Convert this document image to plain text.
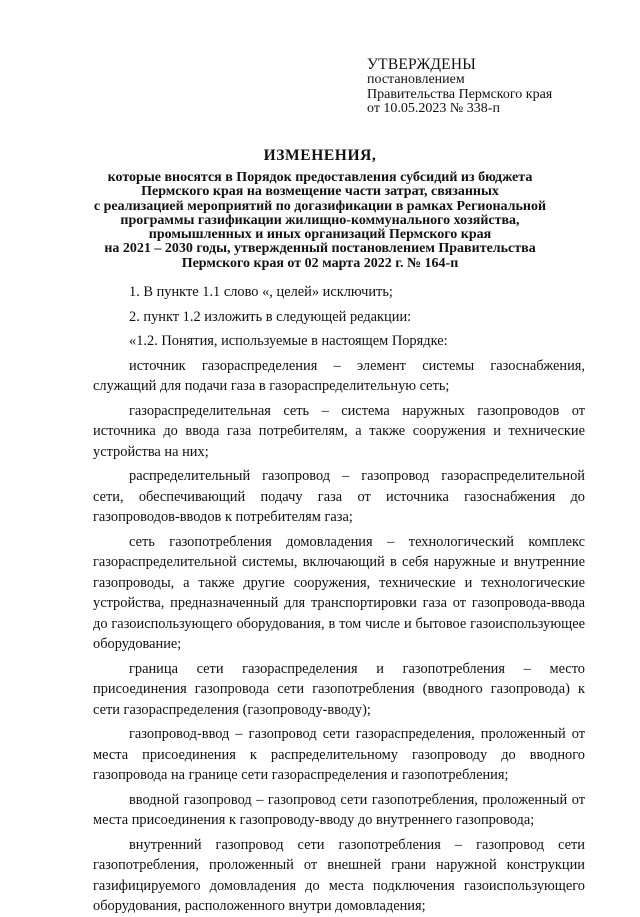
УТВЕРЖДЕНЫ
постановлением
Правительства Пермского края
от 10.05.2023 № 338-п
ИЗМЕНЕНИЯ,
которые вносятся в Порядок предоставления субсидий из бюджета
Пермского края на возмещение части затрат, связанных
с реализацией мероприятий по догазификации в рамках Региональной
программы газификации жилищно-коммунального хозяйства,
промышленных и иных организаций Пермского края
на 2021 – 2030 годы, утвержденный постановлением Правительства
Пермского края от 02 марта 2022 г. № 164-п

1. В пункте 1.1 слово «, целей» исключить;

2. пункт 1.2 изложить в следующей редакции:

«1.2. Понятия, используемые в настоящем Порядке:

источник газораспределения – элемент системы газоснабжения, служащий для подачи газа в газораспределительную сеть;

газораспределительная сеть – система наружных газопроводов от источника до ввода газа потребителям, а также сооружения и технические устройства на них;

распределительный газопровод – газопровод газораспределительной сети, обеспечивающий подачу газа от источника газоснабжения до газопроводов-вводов к потребителям газа;

сеть газопотребления домовладения – технологический комплекс газораспределительной системы, включающий в себя наружные и внутренние газопроводы, а также другие сооружения, технические и технологические устройства, предназначенный для транспортировки газа от газопровода-ввода до газоиспользующего оборудования, в том числе и бытовое газоиспользующее оборудование;

граница сети газораспределения и газопотребления – место присоединения газопровода сети газопотребления (вводного газопровода) к сети газораспределения (газопроводу-вводу);

газопровод-ввод – газопровод сети газораспределения, проложенный от места присоединения к распределительному газопроводу до вводного газопровода на границе сети газораспределения и газопотребления;

вводной газопровод – газопровод сети газопотребления, проложенный от места присоединения к газопроводу-вводу до внутреннего газопровода;

внутренний газопровод сети газопотребления – газопровод сети газопотребления, проложенный от внешней грани наружной конструкции газифицируемого домовладения до места подключения газоиспользующего оборудования, расположенного внутри домовладения;
